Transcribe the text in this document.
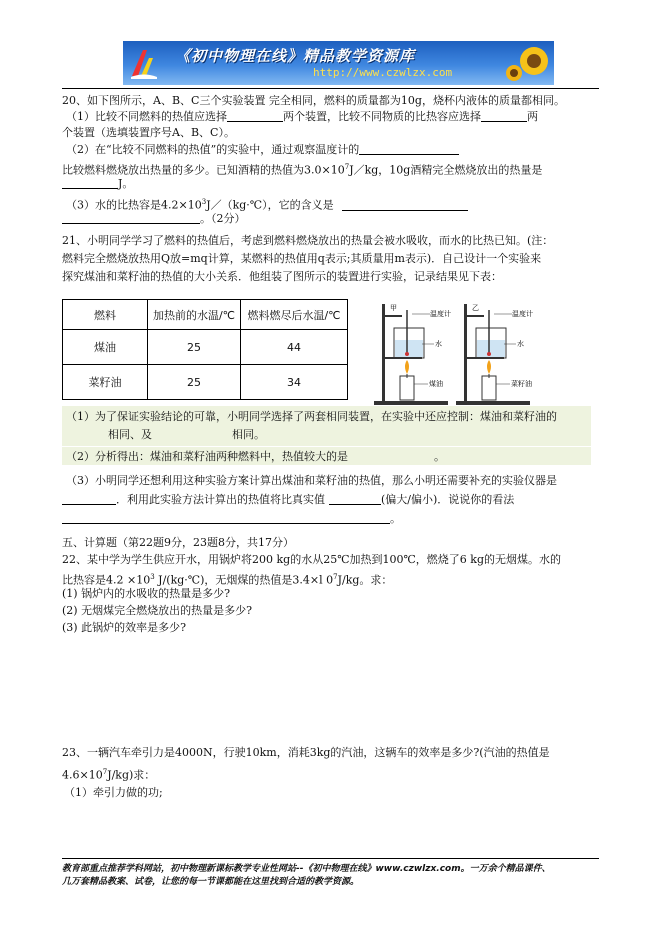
《初中物理在线》精品教学资源库
http://www.czwlzx.com
20、如下图所示，A、B、C三个实验装置 完全相同，燃料的质量都为10g，烧杯内液体的质量都相同。
（1）比较不同燃料的热值应选择	两个装置，比较不同物质的比热容应选择	两
个装置（选填装置序号A、B、C）。
（2）在“比较不同燃料的热值”的实验中，通过观察温度计的
比较燃料燃烧放出热量的多少。已知酒精的热值为$3.0\times 10^7J/kg$，10g酒精完全燃烧放出的热量是
J。
（3）水的比热容是$4.2\times 10^3J/(kg\cdot℃)$，它的含义是
。（2分）
21、小明同学学习了燃料的热值后，考虑到燃料燃烧放出的热量会被水吸收，而水的比热已知。(注：
燃料完全燃烧放热用Q放=mq计算，某燃料的热值用q表示;其质量用m表示)．自己设计一个实验来
探究煤油和菜籽油的热值的大小关系．他组装了图所示的装置进行实验，记录结果见下表：
燃料	加热前的水温/℃	燃料燃尽后水温/℃
煤油	25	44
菜籽油	25	34
甲
温度计
水
煤油
乙
温度计
水
菜籽油
（1）为了保证实验结论的可靠，小明同学选择了两套相同装置，在实验中还应控制：煤油和菜籽油的
相同、及	相同。
（2）分析得出：煤油和菜籽油两种燃料中，热值较大的是	。
（3）小明同学还想利用这种实验方案计算出煤油和菜籽油的热值，那么小明还需要补充的实验仪器是
．利用此实验方法计算出的热值将比真实值	(偏大/偏小)．说说你的看法
。
五、计算题（第22题9分，23题8分，共17分）
22、某中学为学生供应开水，用锅炉将200 kg的水从25℃加热到100℃，燃烧了6 kg的无烟煤。水的
比热容是$4.2 \times 10^3$ J/(kg·℃)，无烟煤的热值是3.4×l $0^7J/kg$。求：
(1) 锅炉内的水吸收的热量是多少?
(2) 无烟煤完全燃烧放出的热量是多少?
(3) 此锅炉的效率是多少?
23、一辆汽车牵引力是4000N，行驶10km，消耗3kg的汽油，这辆车的效率是多少?(汽油的热值是
$4.6\times 10^7J/kg$)求：
（1）牵引力做的功;
教育部重点推荐学科网站，初中物理新课标教学专业性网站--《初中物理在线》www.czwlzx.com。一万余个精品课件、
几万套精品教案、试卷，让您的每一节课都能在这里找到合适的教学资源。
